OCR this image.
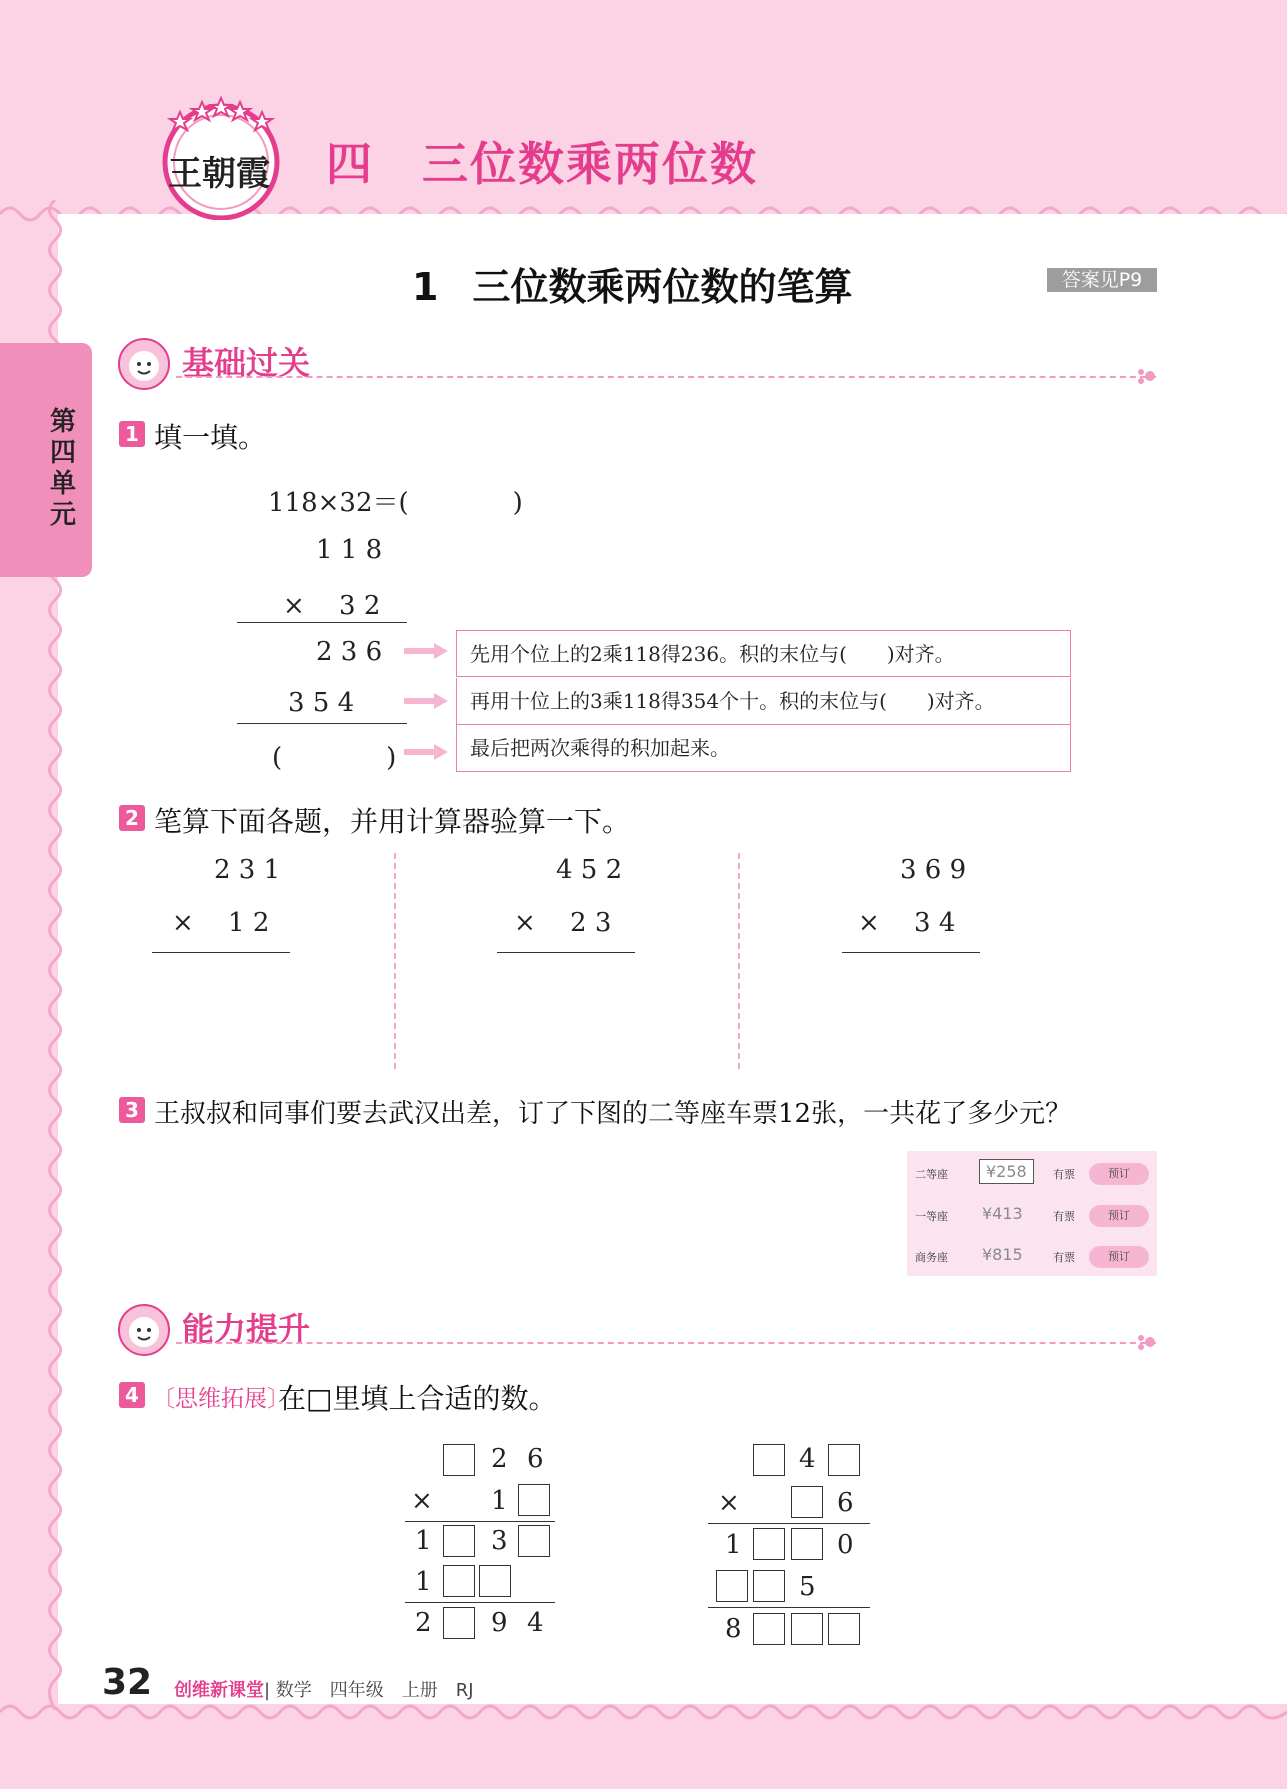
王朝霞 四 三位数乘两位数
1 三位数乘两位数的笔算	答案见P9
第四单元
基础过关
1 填一填。
118×32＝(　　　　)
1 1 8
×　 3 2
2 3 6
3 5 4
(　　　　)
先用个位上的2乘118得236。积的末位与(　　)对齐。
再用十位上的3乘118得354个十。积的末位与(　　)对齐。
最后把两次乘得的积加起来。
2 笔算下面各题，并用计算器验算一下。
2 3 1
×　 1 2
4 5 2
×　 2 3
3 6 9
×　 3 4
3 王叔叔和同事们要去武汉出差，订了下图的二等座车票12张，一共花了多少元？
二等座	¥258	有票	预订
一等座 ¥413	有票	预订
商务座 ¥815	有票	预订
能力提升
4 〔思维拓展〕
在□里填上合适的数。
2 6
× 1
1 3
1
2 9 4
4
×	6
1	0
5
8
32 创维新课堂| 数学　四年级　上册　RJ
